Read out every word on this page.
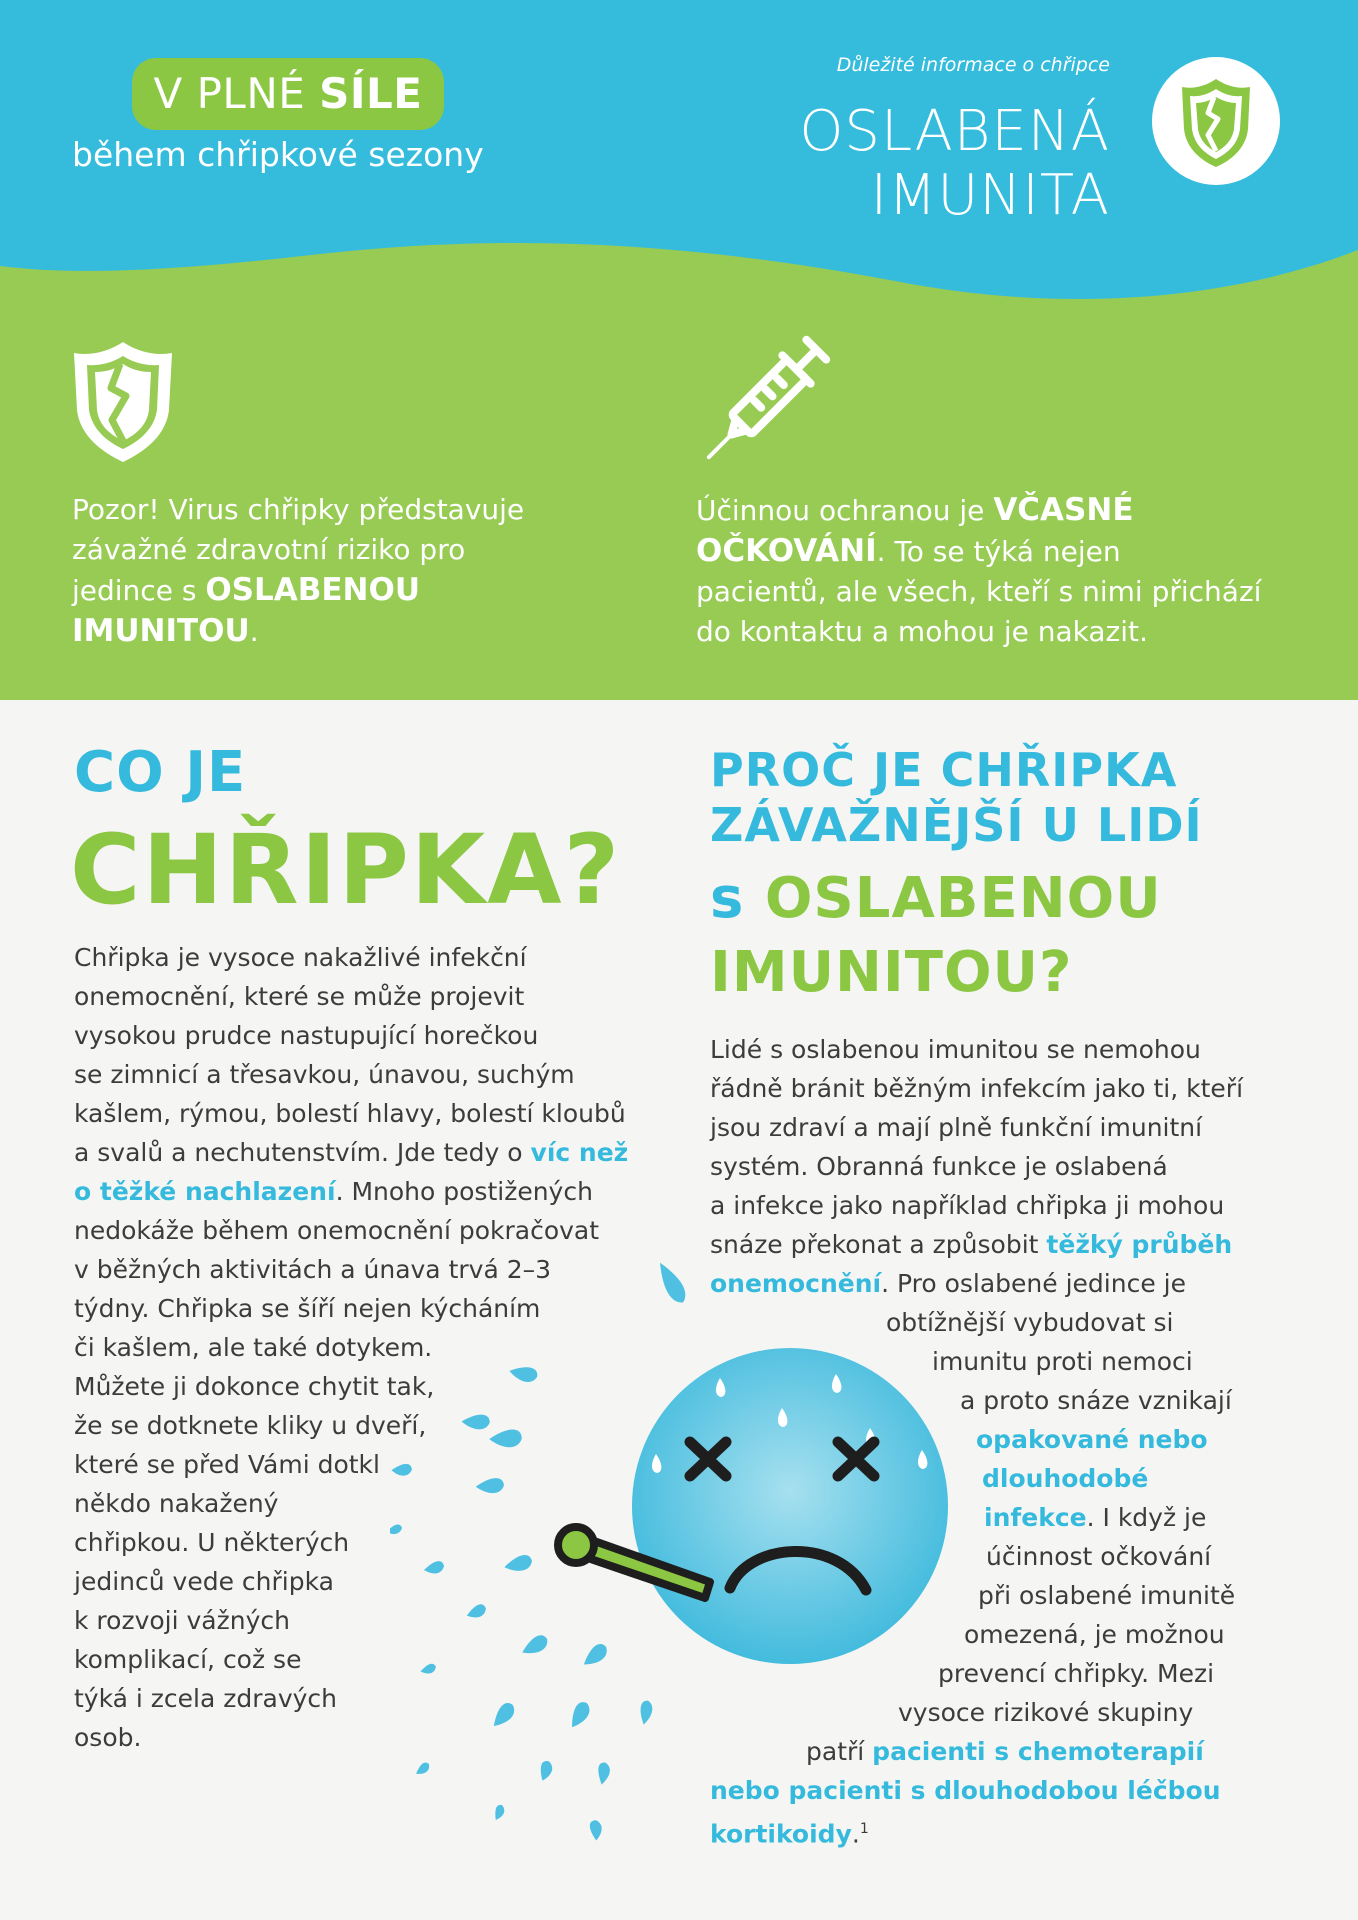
V PLNÉ SÍLE
během chřipkové sezony
Důležité informace o chřipce
OSLABENÁ
IMUNITA
Pozor! Virus chřipky představuje
závažné zdravotní riziko pro
jedince s OSLABENOU
IMUNITOU.
Účinnou ochranou je VČASNÉ
OČKOVÁNÍ. To se týká nejen
pacientů, ale všech, kteří s nimi přichází
do kontaktu a mohou je nakazit.
CO JE
CHŘIPKA?
Chřipka je vysoce nakažlivé infekční
onemocnění, které se může projevit
vysokou prudce nastupující horečkou
se zimnicí a třesavkou, únavou, suchým
kašlem, rýmou, bolestí hlavy, bolestí kloubů
a svalů a nechutenstvím. Jde tedy o víc než
o těžké nachlazení. Mnoho postižených
nedokáže během onemocnění pokračovat
v běžných aktivitách a únava trvá 2–3
týdny. Chřipka se šíří nejen kýcháním
či kašlem, ale také dotykem.
Můžete ji dokonce chytit tak,
že se dotknete kliky u dveří,
které se před Vámi dotkl
někdo nakažený
chřipkou. U některých
jedinců vede chřipka
k rozvoji vážných
komplikací, což se
týká i zcela zdravých
osob.
PROČ JE CHŘIPKA
ZÁVAŽNĚJŠÍ U LIDÍ
s OSLABENOU
IMUNITOU?
Lidé s oslabenou imunitou se nemohou
řádně bránit běžným infekcím jako ti, kteří
jsou zdraví a mají plně funkční imunitní
systém. Obranná funkce je oslabená
a infekce jako například chřipka ji mohou
snáze překonat a způsobit těžký průběh
onemocnění. Pro oslabené jedince je
obtížnější vybudovat si
imunitu proti nemoci
a proto snáze vznikají
opakované nebo
dlouhodobé
infekce. I když je
účinnost očkování
při oslabené imunitě
omezená, je možnou
prevencí chřipky. Mezi
vysoce rizikové skupiny
patří pacienti s chemoterapií
nebo pacienti s dlouhodobou léčbou
kortikoidy.$^1$
